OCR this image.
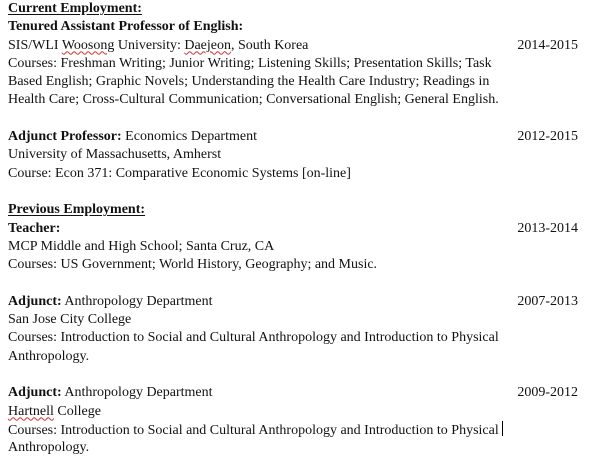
Current Employment:
Tenured Assistant Professor of English:
SIS/WLI Woosong University: Daejeon, South Korea	2014-2015
Courses: Freshman Writing; Junior Writing; Listening Skills; Presentation Skills; Task
Based English; Graphic Novels; Understanding the Health Care Industry; Readings in
Health Care; Cross-Cultural Communication; Conversational English; General English.
Adjunct Professor: Economics Department	2012-2015
University of Massachusetts, Amherst
Course: Econ 371: Comparative Economic Systems [on-line]
Previous Employment:
Teacher:	2013-2014
MCP Middle and High School; Santa Cruz, CA
Courses: US Government; World History, Geography; and Music.
Adjunct: Anthropology Department	2007-2013
San Jose City College
Courses: Introduction to Social and Cultural Anthropology and Introduction to Physical
Anthropology.
Adjunct: Anthropology Department	2009-2012
Hartnell College
Courses: Introduction to Social and Cultural Anthropology and Introduction to Physical
Anthropology.
